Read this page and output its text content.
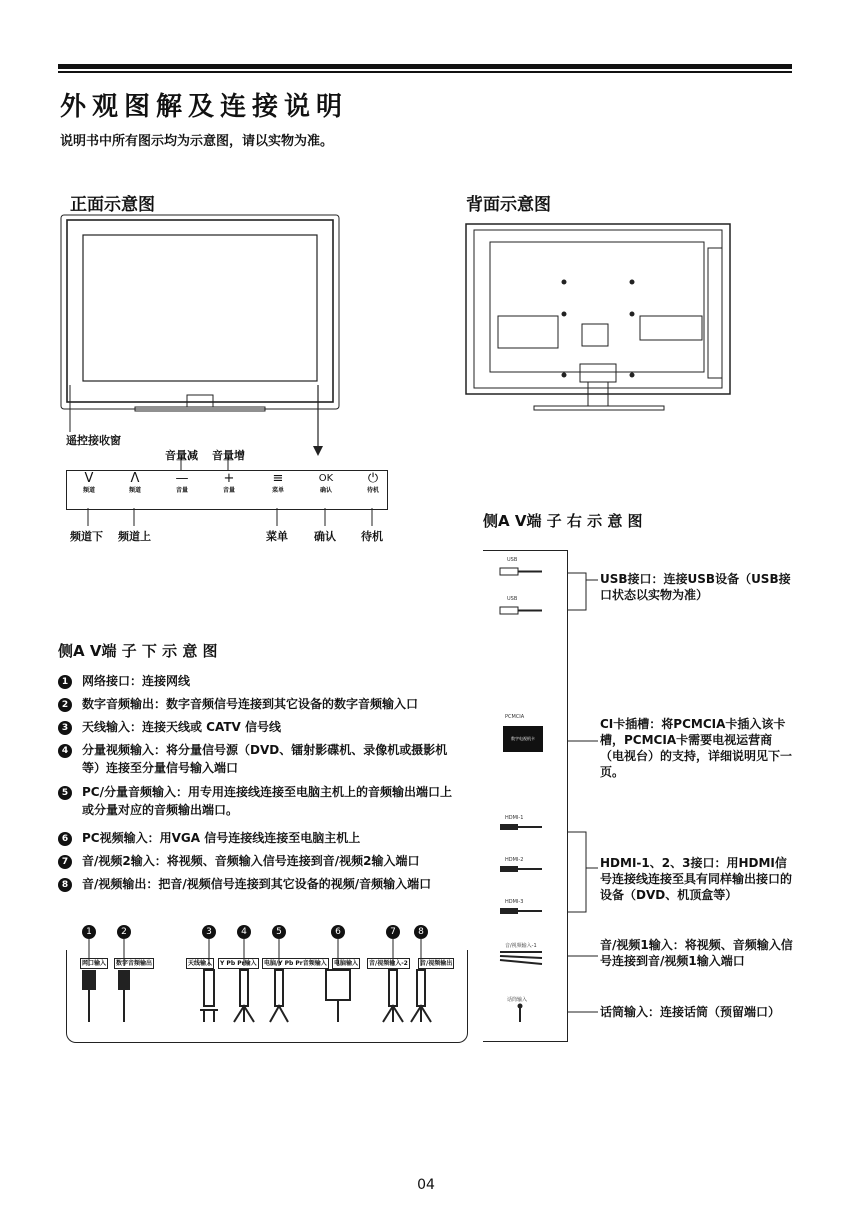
外观图解及连接说明
说明书中所有图示均为示意图，请以实物为准。
正面示意图
遥控接收窗
音量减 音量增
V
频道
Λ
频道
—
音量
+
音量
≡
菜单
OK
确认
⏻
待机
频道下 频道上	菜单 确认 待机
背面示意图
侧A V端 子 右 示 意 图
USB
USB
PCMCIA
HDMI-1
HDMI-2
HDMI-3
音/视频输入-1
话筒输入
数字电视机卡
USB接口：连接USB设备（USB接口状态以实物为准）
CI卡插槽：将PCMCIA卡插入该卡槽，PCMCIA卡需要电视运营商（电视台）的支持，详细说明见下一页。
HDMI-1、2、3接口：用HDMI信号连接线连接至具有同样输出接口的设备（DVD、机顶盒等）
音/视频1输入：将视频、音频输入信号连接到音/视频1输入端口
话筒输入：连接话筒（预留端口）
侧A V端 子 下 示 意 图
1 网络接口：连接网线
2 数字音频输出：数字音频信号连接到其它设备的数字音频输入口
3 天线输入：连接天线或 CATV 信号线
4 分量视频输入：将分量信号源（DVD、镭射影碟机、录像机或摄影机等）连接至分量信号输入端口
5 PC/分量音频输入：用专用连接线连接至电脑主机上的音频输出端口上或分量对应的音频输出端口。
6 PC视频输入：用VGA 信号连接线连接至电脑主机上
7 音/视频2输入：将视频、音频输入信号连接到音/视频2输入端口
8 音/视频输出：把音/视频信号连接到其它设备的视频/音频输入端口
1	2	3	4	5	6	7	8
网口输入	数字音频输出	天线输入	Y Pb Pr输入	电脑/Y Pb Pr音频输入	电脑输入	音/视频输入-2	音/视频输出
04
